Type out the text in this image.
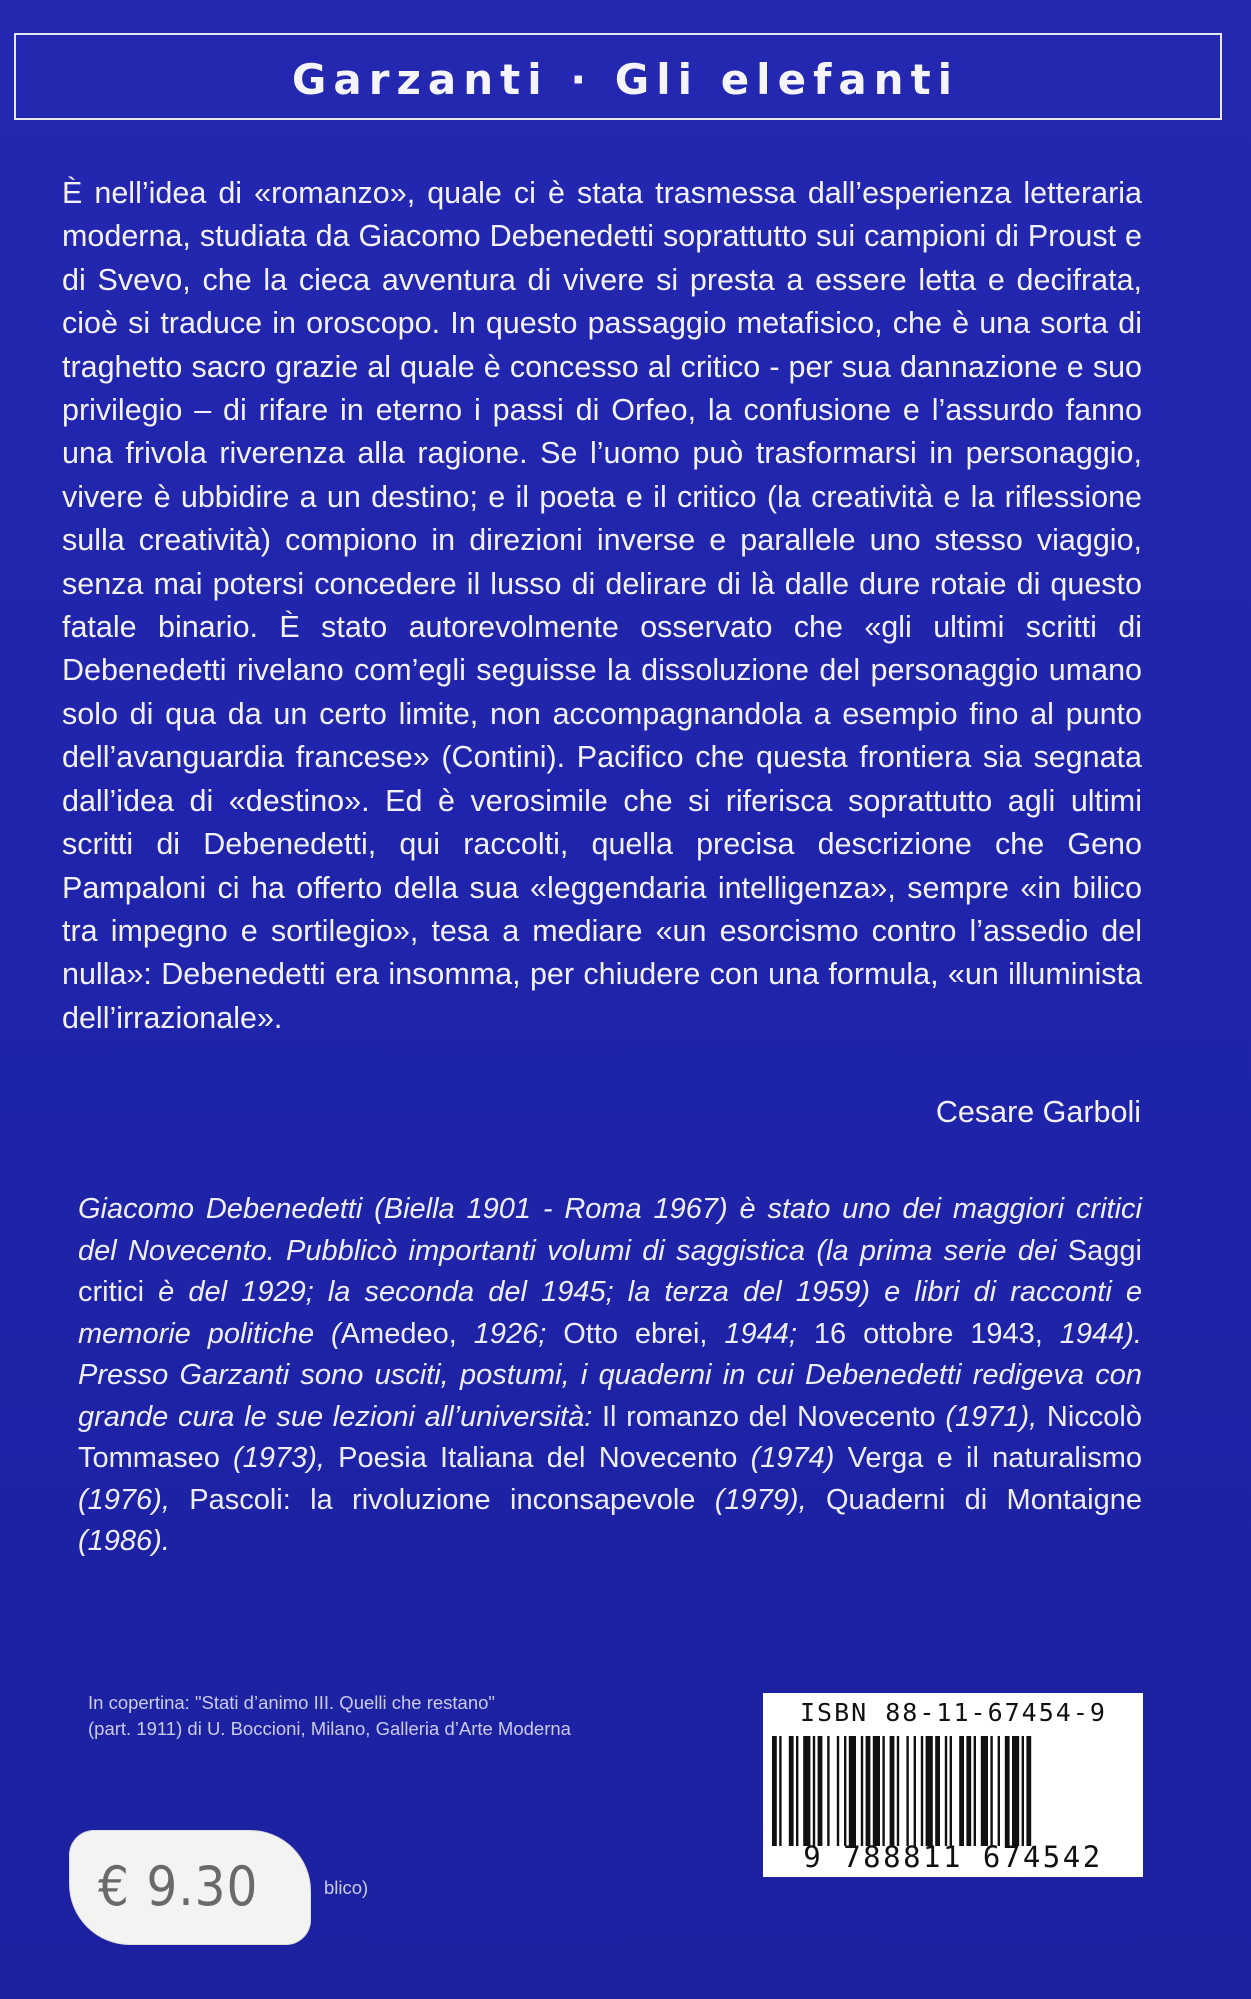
Garzanti · Gli elefanti

È nell’idea di «romanzo», quale ci è stata trasmessa dall’esperienza letteraria moderna, studiata da Giacomo Debenedetti soprattutto sui campioni di Proust e di Svevo, che la cieca avventura di vivere si presta a essere letta e decifrata, cioè si traduce in oroscopo. In questo passaggio metafisico, che è una sorta di traghetto sacro grazie al quale è concesso al critico - per sua dannazione e suo privilegio – di rifare in eterno i passi di Orfeo, la confusione e l’assurdo fanno una frivola riverenza alla ragione. Se l’uomo può trasformarsi in personaggio, vivere è ubbidire a un destino; e il poeta e il critico (la creatività e la riflessione sulla creatività) compiono in direzioni inverse e parallele uno stesso viaggio, senza mai potersi concedere il lusso di delirare di là dalle dure rotaie di questo fatale binario. È stato autorevolmente osservato che «gli ultimi scritti di Debenedetti rivelano com’egli seguisse la dissoluzione del personaggio umano solo di qua da un certo limite, non accompagnandola a esempio fino al punto dell’avanguardia francese» (Contini). Pacifico che questa frontiera sia segnata dall’idea di «destino». Ed è verosimile che si riferisca soprattutto agli ultimi scritti di Debenedetti, qui raccolti, quella precisa descrizione che Geno Pampaloni ci ha offerto della sua «leggendaria intelligenza», sempre «in bilico tra impegno e sortilegio», tesa a mediare «un esorcismo contro l’assedio del nulla»: Debenedetti era insomma, per chiudere con una formula, «un illuminista dell’irrazionale».

Cesare Garboli
Giacomo Debenedetti (Biella 1901 - Roma 1967) è stato uno dei maggiori critici del Novecento. Pubblicò importanti volumi di saggistica (la prima serie dei Saggi critici è del 1929; la seconda del 1945; la terza del 1959) e libri di racconti e memorie politiche (Amedeo, 1926; Otto ebrei, 1944; 16 ottobre 1943, 1944). Presso Garzanti sono usciti, postumi, i quaderni in cui Debenedetti redigeva con grande cura le sue lezioni all’università: Il romanzo del Novecento (1971), Niccolò Tommaseo (1973), Poesia Italiana del Novecento (1974) Verga e il naturalismo (1976), Pascoli: la rivoluzione inconsapevole (1979), Quaderni di Montaigne (1986).
In copertina: "Stati d’animo III. Quelli che restano"
(part. 1911) di U. Boccioni, Milano, Galleria d’Arte Moderna
blico)
€ 9.30
ISBN 88-11-67454-9
9 788811 674542
